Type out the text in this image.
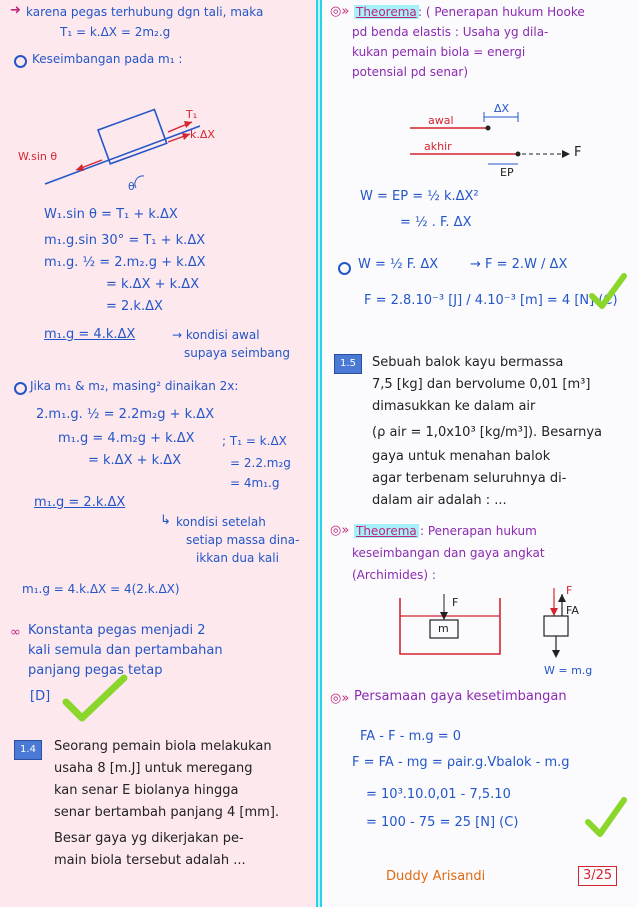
➜ karena pegas terhubung dgn tali, maka
T₁ = k.ΔX = 2m₂.g
Keseimbangan pada m₁ :
T₁
k.ΔX
W.sin θ
θ
W₁.sin θ = T₁ + k.ΔX
m₁.g.sin 30° = T₁ + k.ΔX
m₁.g. ½ = 2.m₂.g + k.ΔX
= k.ΔX + k.ΔX
= 2.k.ΔX
m₁.g = 4.k.ΔX	→ kondisi awal
supaya seimbang
Jika m₁ & m₂, masing² dinaikan 2x:
2.m₁.g. ½ = 2.2m₂g + k.ΔX
m₁.g = 4.m₂g + k.ΔX ; T₁ = k.ΔX
= k.ΔX + k.ΔX	= 2.2.m₂g
= 4m₁.g
m₁.g = 2.k.ΔX
↳ kondisi setelah
setiap massa dina-
ikkan dua kali
m₁.g = 4.k.ΔX = 4(2.k.ΔX)
∞ Konstanta pegas menjadi 2
kali semula dan pertambahan
panjang pegas tetap
[D]
1.4	Seorang pemain biola melakukan
usaha 8 [m.J] untuk meregang
kan senar E biolanya hingga
senar bertambah panjang 4 [mm].
Besar gaya yg dikerjakan pe-
main biola tersebut adalah ...
◎» Theorema : ( Penerapan hukum Hooke
pd benda elastis : Usaha yg dila-
kukan pemain biola = energi
potensial pd senar)
ΔX
awal
akhir	F
EP
W = EP = ½ k.ΔX²
= ½ . F. ΔX
W = ½ F. ΔX → F = 2.W / ΔX
F = 2.8.10⁻³ [J] / 4.10⁻³ [m] = 4 [N] (C)
1.5	Sebuah balok kayu bermassa
7,5 [kg] dan bervolume 0,01 [m³]
dimasukkan ke dalam air
(ρ air = 1,0x10³ [kg/m³]). Besarnya
gaya untuk menahan balok
agar terbenam seluruhnya di-
dalam air adalah : ...
◎» Theorema : Penerapan hukum
keseimbangan dan gaya angkat
(Archimides) :
F
m
F
FA
W = m.g
◎» Persamaan gaya kesetimbangan
FA - F - m.g = 0
F = FA - mg = ρair.g.Vbalok - m.g
= 10³.10.0,01 - 7,5.10
= 100 - 75 = 25 [N] (C)
Duddy Arisandi	3/25
